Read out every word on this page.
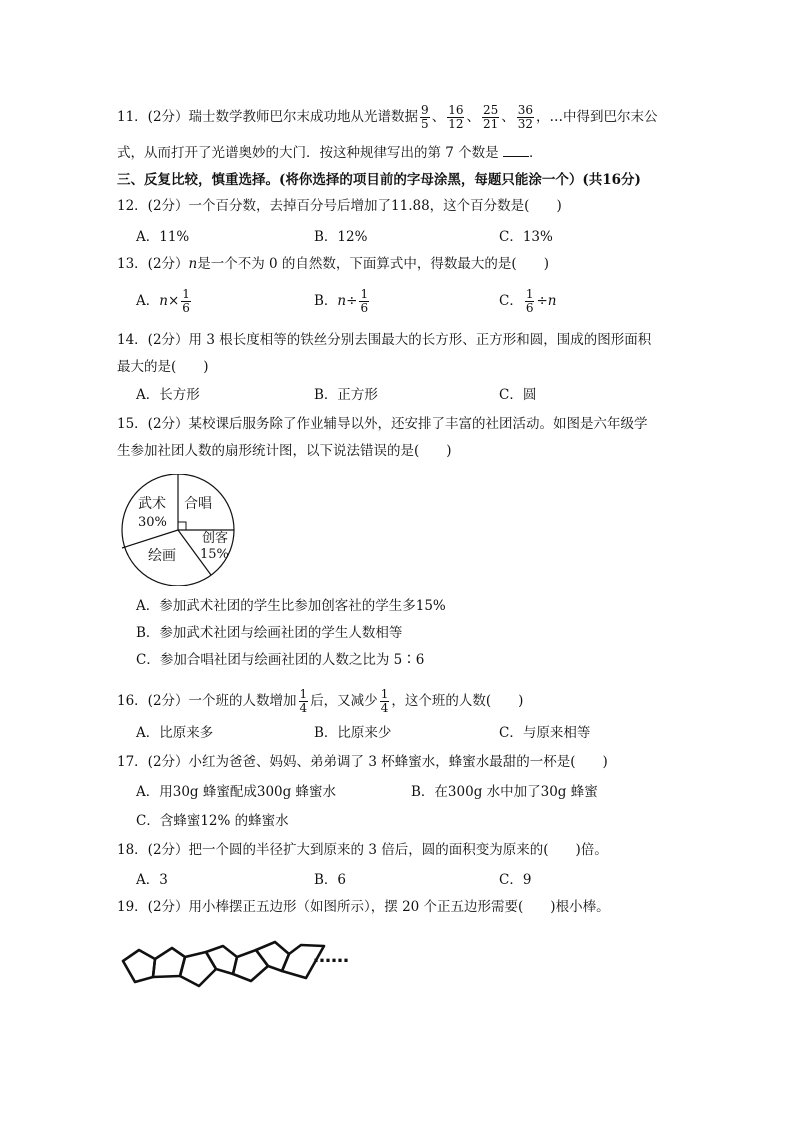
11．(2分）瑞士数学教师巴尔末成功地从光谱数据 $\frac{9}{5}$ 、 $\frac{16}{12}$ 、 $\frac{25}{21}$ 、 $\frac{36}{32}$ ，…中得到巴尔末公
式，从而打开了光谱奥妙的大门．按这种规律写出的第 7 个数是 ．
三、反复比较，慎重选择。(将你选择的项目前的字母涂黑，每题只能涂一个）(共16分)
12．(2分）一个百分数，去掉百分号后增加了11.88，这个百分数是(　　)
A．11%	B．12%	C．13%
13．(2分）n是一个不为 0 的自然数，下面算式中，得数最大的是(　　)
A．$n\times \frac{1}{6}$	B．$n\div \frac{1}{6}$	C． $\frac{1}{6} \div n$
14．(2分）用 3 根长度相等的铁丝分别去围最大的长方形、正方形和圆，围成的图形面积
最大的是(　　)
A．长方形	B．正方形	C．圆
15．(2分）某校课后服务除了作业辅导以外，还安排了丰富的社团活动。如图是六年级学
生参加社团人数的扇形统计图，以下说法错误的是(　　)
武术
30%
合唱
创客
15%
绘画
A．参加武术社团的学生比参加创客社的学生多15%
B．参加武术社团与绘画社团的学生人数相等
C．参加合唱社团与绘画社团的人数之比为 5∶6
16．(2分）一个班的人数增加 $\frac{1}{4}$ 后，又减少 $\frac{1}{4}$ ，这个班的人数(　　)
A．比原来多	B．比原来少	C．与原来相等
17．(2分）小红为爸爸、妈妈、弟弟调了 3 杯蜂蜜水，蜂蜜水最甜的一杯是(　　)
A．用30g 蜂蜜配成300g 蜂蜜水	B．在300g 水中加了30g 蜂蜜
C．含蜂蜜12% 的蜂蜜水
18．(2分）把一个圆的半径扩大到原来的 3 倍后，圆的面积变为原来的(　　)倍。
A．3	B．6	C．9
19．(2分）用小棒摆正五边形（如图所示），摆 20 个正五边形需要(　　)根小棒。
……
